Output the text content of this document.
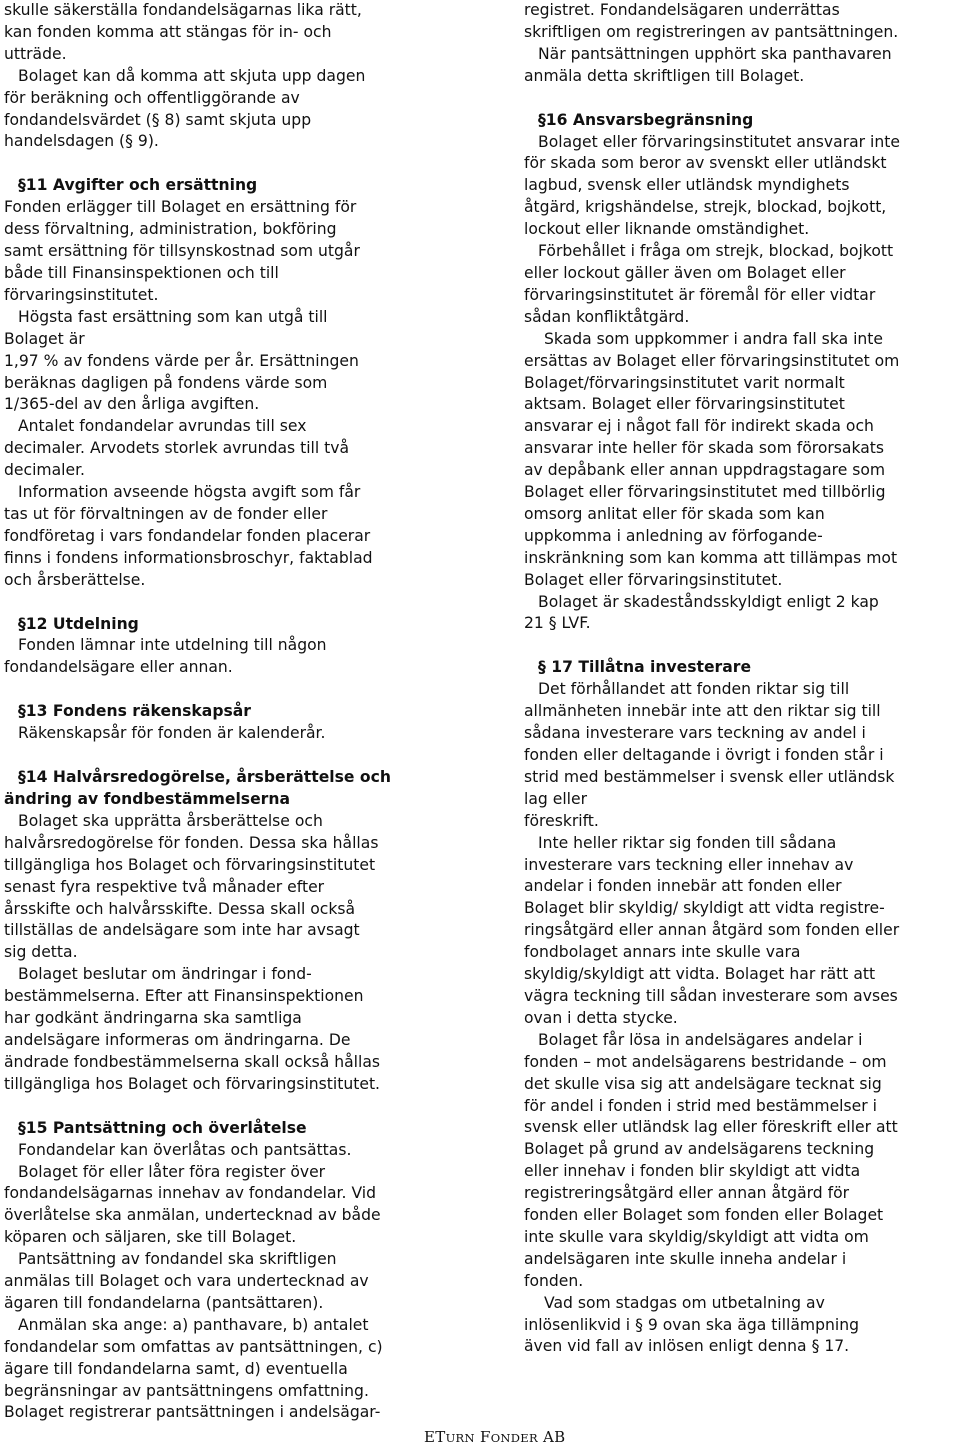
skulle säkerställa fondandelsägarnas lika rätt,
kan fonden komma att stängas för in- och
utträde.

Bolaget kan då komma att skjuta upp dagen
för beräkning och offentliggörande av
fondandelsvärdet (§ 8) samt skjuta upp
handelsdagen (§ 9).

§11 Avgifter och ersättning

Fonden erlägger till Bolaget en ersättning för
dess förvaltning, administration, bokföring
samt ersättning för tillsynskostnad som utgår
både till Finansinspektionen och till
förvaringsinstitutet.

Högsta fast ersättning som kan utgå till
Bolaget är
1,97 % av fondens värde per år. Ersättningen
beräknas dagligen på fondens värde som
1/365-del av den årliga avgiften.

Antalet fondandelar avrundas till sex
decimaler. Arvodets storlek avrundas till två
decimaler.

Information avseende högsta avgift som får
tas ut för förvaltningen av de fonder eller
fondföretag i vars fondandelar fonden placerar
finns i fondens informationsbroschyr, faktablad
och årsberättelse.

§12 Utdelning

Fonden lämnar inte utdelning till någon
fondandelsägare eller annan.

§13 Fondens räkenskapsår

Räkenskapsår för fonden är kalenderår.

§14 Halvårsredogörelse, årsberättelse och
ändring av fondbestämmelserna

Bolaget ska upprätta årsberättelse och
halvårsredogörelse för fonden. Dessa ska hållas
tillgängliga hos Bolaget och förvaringsinstitutet
senast fyra respektive två månader efter
årsskifte och halvårsskifte. Dessa skall också
tillställas de andelsägare som inte har avsagt
sig detta.

Bolaget beslutar om ändringar i fond-
bestämmelserna. Efter att Finansinspektionen
har godkänt ändringarna ska samtliga
andelsägare informeras om ändringarna. De
ändrade fondbestämmelserna skall också hållas
tillgängliga hos Bolaget och förvaringsinstitutet.

§15 Pantsättning och överlåtelse

Fondandelar kan överlåtas och pantsättas.

Bolaget för eller låter föra register över
fondandelsägarnas innehav av fondandelar. Vid
överlåtelse ska anmälan, undertecknad av både
köparen och säljaren, ske till Bolaget.

Pantsättning av fondandel ska skriftligen
anmälas till Bolaget och vara undertecknad av
ägaren till fondandelarna (pantsättaren).

Anmälan ska ange: a) panthavare, b) antalet
fondandelar som omfattas av pantsättningen, c)
ägare till fondandelarna samt, d) eventuella
begränsningar av pantsättningens omfattning.

Bolaget registrerar pantsättningen i andelsägar-

registret. Fondandelsägaren underrättas
skriftligen om registreringen av pantsättningen.

När pantsättningen upphört ska panthavaren
anmäla detta skriftligen till Bolaget.

§16 Ansvarsbegränsning

Bolaget eller förvaringsinstitutet ansvarar inte
för skada som beror av svenskt eller utländskt
lagbud, svensk eller utländsk myndighets
åtgärd, krigshändelse, strejk, blockad, bojkott,
lockout eller liknande omständighet.

Förbehållet i fråga om strejk, blockad, bojkott
eller lockout gäller även om Bolaget eller
förvaringsinstitutet är föremål för eller vidtar
sådan konfliktåtgärd.

Skada som uppkommer i andra fall ska inte
ersättas av Bolaget eller förvaringsinstitutet om
Bolaget/förvaringsinstitutet varit normalt
aktsam. Bolaget eller förvaringsinstitutet
ansvarar ej i något fall för indirekt skada och
ansvarar inte heller för skada som förorsakats
av depåbank eller annan uppdragstagare som
Bolaget eller förvaringsinstitutet med tillbörlig
omsorg anlitat eller för skada som kan
uppkomma i anledning av förfogande-
inskränkning som kan komma att tillämpas mot
Bolaget eller förvaringsinstitutet.

Bolaget är skadeståndsskyldigt enligt 2 kap
21 § LVF.

§ 17 Tillåtna investerare

Det förhållandet att fonden riktar sig till
allmänheten innebär inte att den riktar sig till
sådana investerare vars teckning av andel i
fonden eller deltagande i övrigt i fonden står i
strid med bestämmelser i svensk eller utländsk
lag eller
föreskrift.

Inte heller riktar sig fonden till sådana
investerare vars teckning eller innehav av
andelar i fonden innebär att fonden eller
Bolaget blir skyldig/ skyldigt att vidta registre-
ringsåtgärd eller annan åtgärd som fonden eller
fondbolaget annars inte skulle vara
skyldig/skyldigt att vidta. Bolaget har rätt att
vägra teckning till sådan investerare som avses
ovan i detta stycke.

Bolaget får lösa in andelsägares andelar i
fonden – mot andelsägarens bestridande – om
det skulle visa sig att andelsägare tecknat sig
för andel i fonden i strid med bestämmelser i
svensk eller utländsk lag eller föreskrift eller att
Bolaget på grund av andelsägarens teckning
eller innehav i fonden blir skyldigt att vidta
registreringsåtgärd eller annan åtgärd för
fonden eller Bolaget som fonden eller Bolaget
inte skulle vara skyldig/skyldigt att vidta om
andelsägaren inte skulle inneha andelar i
fonden.

Vad som stadgas om utbetalning av
inlösenlikvid i § 9 ovan ska äga tillämpning
även vid fall av inlösen enligt denna § 17.

ETURN FONDER AB
